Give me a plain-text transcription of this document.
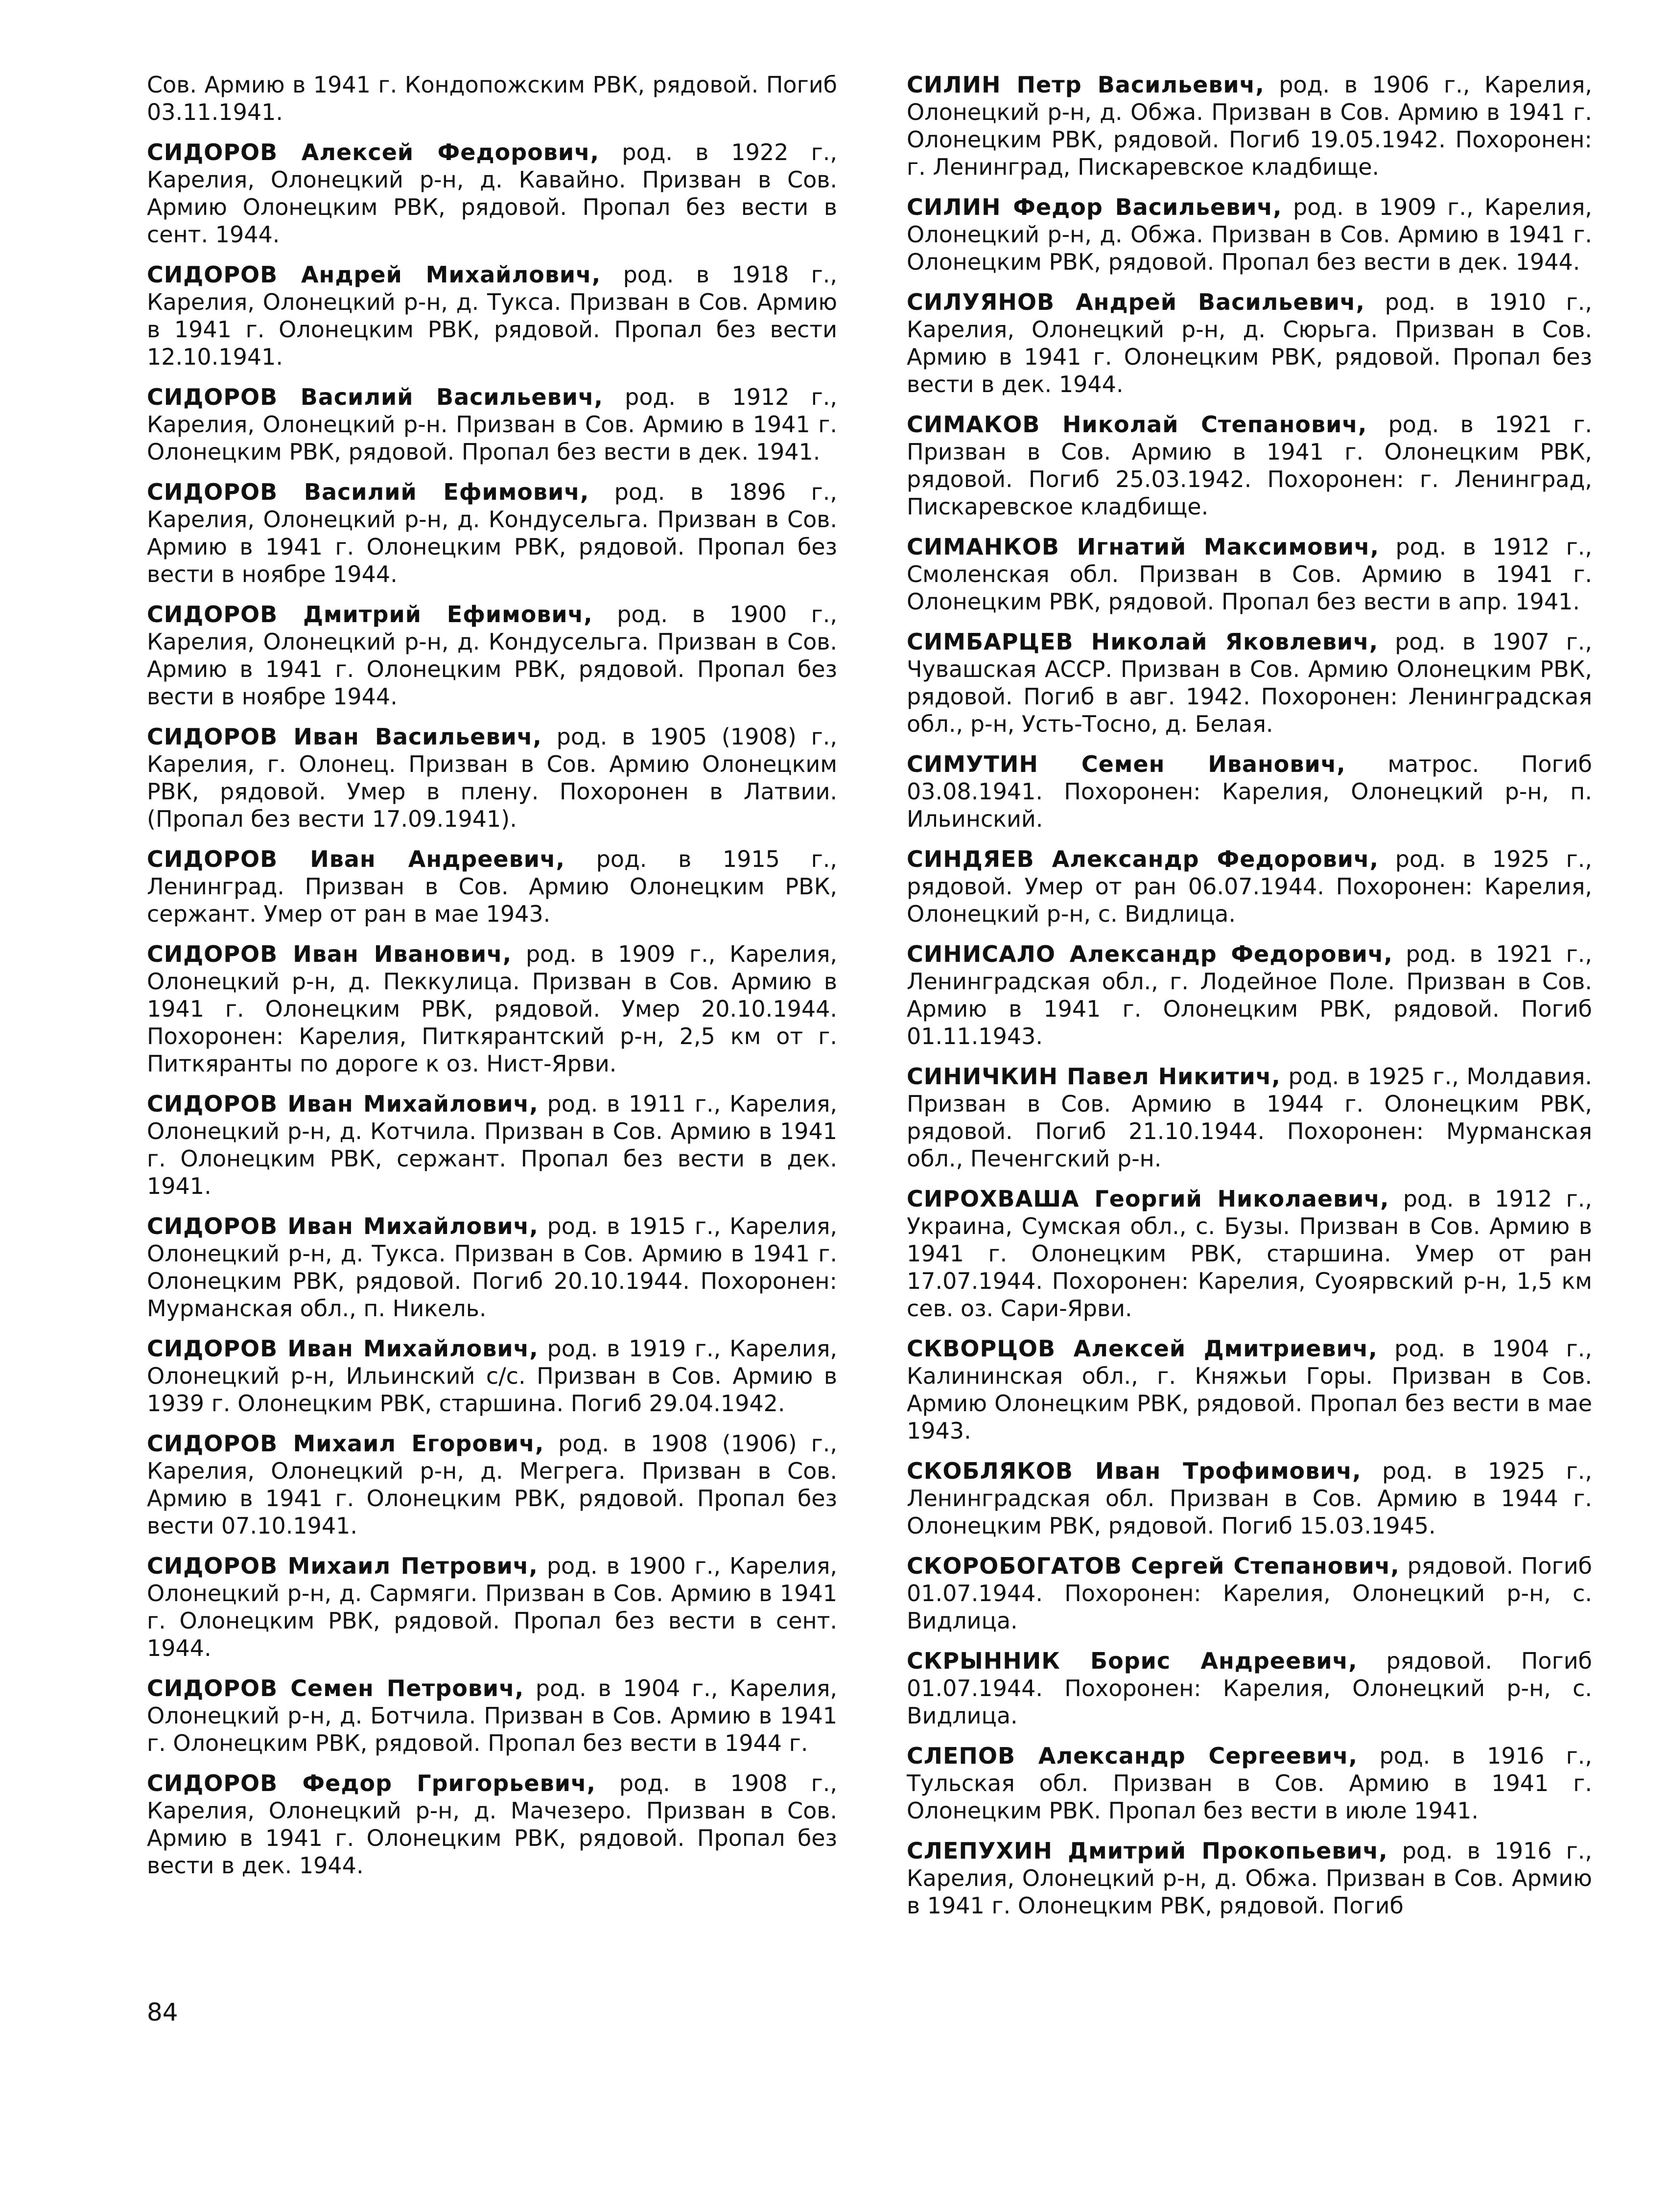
Сов. Армию в 1941 г. Кондопожским РВК, рядовой. Погиб 03.11.1941.

СИДОРОВ Алексей Федорович, род. в 1922 г., Карелия, Олонецкий р-н, д. Кавайно. Призван в Сов. Армию Олонецким РВК, рядовой. Пропал без вести в сент. 1944.

СИДОРОВ Андрей Михайлович, род. в 1918 г., Карелия, Олонецкий р-н, д. Тукса. Призван в Сов. Армию в 1941 г. Олонецким РВК, рядовой. Пропал без вести 12.10.1941.

СИДОРОВ Василий Васильевич, род. в 1912 г., Карелия, Олонецкий р-н. Призван в Сов. Армию в 1941 г. Олонецким РВК, рядовой. Пропал без вести в дек. 1941.

СИДОРОВ Василий Ефимович, род. в 1896 г., Карелия, Олонецкий р-н, д. Кондусельга. Призван в Сов. Армию в 1941 г. Олонецким РВК, рядовой. Пропал без вести в ноябре 1944.

СИДОРОВ Дмитрий Ефимович, род. в 1900 г., Карелия, Олонецкий р-н, д. Кондусельга. Призван в Сов. Армию в 1941 г. Олонецким РВК, рядовой. Пропал без вести в ноябре 1944.

СИДОРОВ Иван Васильевич, род. в 1905 (1908) г., Карелия, г. Олонец. Призван в Сов. Армию Олонецким РВК, рядовой. Умер в плену. Похоронен в Латвии. (Пропал без вести 17.09.1941).

СИДОРОВ Иван Андреевич, род. в 1915 г., Ленинград. Призван в Сов. Армию Олонецким РВК, сержант. Умер от ран в мае 1943.

СИДОРОВ Иван Иванович, род. в 1909 г., Карелия, Олонецкий р-н, д. Пеккулица. Призван в Сов. Армию в 1941 г. Олонецким РВК, рядовой. Умер 20.10.1944. Похоронен: Карелия, Питкярантский р-н, 2,5 км от г. Питкяранты по дороге к оз. Нист-Ярви.

СИДОРОВ Иван Михайлович, род. в 1911 г., Карелия, Олонецкий р-н, д. Котчила. Призван в Сов. Армию в 1941 г. Олонецким РВК, сержант. Пропал без вести в дек. 1941.

СИДОРОВ Иван Михайлович, род. в 1915 г., Карелия, Олонецкий р-н, д. Тукса. Призван в Сов. Армию в 1941 г. Олонецким РВК, рядовой. Погиб 20.10.1944. Похоронен: Мурманская обл., п. Никель.

СИДОРОВ Иван Михайлович, род. в 1919 г., Карелия, Олонецкий р-н, Ильинский с/с. Призван в Сов. Армию в 1939 г. Олонецким РВК, старшина. Погиб 29.04.1942.

СИДОРОВ Михаил Егорович, род. в 1908 (1906) г., Карелия, Олонецкий р-н, д. Мегрега. Призван в Сов. Армию в 1941 г. Олонецким РВК, рядовой. Пропал без вести 07.10.1941.

СИДОРОВ Михаил Петрович, род. в 1900 г., Карелия, Олонецкий р-н, д. Сармяги. Призван в Сов. Армию в 1941 г. Олонецким РВК, рядовой. Пропал без вести в сент. 1944.

СИДОРОВ Семен Петрович, род. в 1904 г., Карелия, Олонецкий р-н, д. Ботчила. Призван в Сов. Армию в 1941 г. Олонецким РВК, рядовой. Пропал без вести в 1944 г.

СИДОРОВ Федор Григорьевич, род. в 1908 г., Карелия, Олонецкий р-н, д. Мачезеро. Призван в Сов. Армию в 1941 г. Олонецким РВК, рядовой. Пропал без вести в дек. 1944.

СИЛИН Петр Васильевич, род. в 1906 г., Карелия, Олонецкий р-н, д. Обжа. Призван в Сов. Армию в 1941 г. Олонецким РВК, рядовой. Погиб 19.05.1942. Похоронен: г. Ленинград, Пискаревское кладбище.

СИЛИН Федор Васильевич, род. в 1909 г., Карелия, Олонецкий р-н, д. Обжа. Призван в Сов. Армию в 1941 г. Олонецким РВК, рядовой. Пропал без вести в дек. 1944.

СИЛУЯНОВ Андрей Васильевич, род. в 1910 г., Карелия, Олонецкий р-н, д. Сюрьга. Призван в Сов. Армию в 1941 г. Олонецким РВК, рядовой. Пропал без вести в дек. 1944.

СИМАКОВ Николай Степанович, род. в 1921 г. Призван в Сов. Армию в 1941 г. Олонецким РВК, рядовой. Погиб 25.03.1942. Похоронен: г. Ленинград, Пискаревское кладбище.

СИМАНКОВ Игнатий Максимович, род. в 1912 г., Смоленская обл. Призван в Сов. Армию в 1941 г. Олонецким РВК, рядовой. Пропал без вести в апр. 1941.

СИМБАРЦЕВ Николай Яковлевич, род. в 1907 г., Чувашская АССР. Призван в Сов. Армию Олонецким РВК, рядовой. Погиб в авг. 1942. Похоронен: Ленинградская обл., р-н, Усть-Тосно, д. Белая.

СИМУТИН Семен Иванович, матрос. Погиб 03.08.1941. Похоронен: Карелия, Олонецкий р-н, п. Ильинский.

СИНДЯЕВ Александр Федорович, род. в 1925 г., рядовой. Умер от ран 06.07.1944. Похоронен: Карелия, Олонецкий р-н, с. Видлица.

СИНИСАЛО Александр Федорович, род. в 1921 г., Ленинградская обл., г. Лодейное Поле. Призван в Сов. Армию в 1941 г. Олонецким РВК, рядовой. Погиб 01.11.1943.

СИНИЧКИН Павел Никитич, род. в 1925 г., Молдавия. Призван в Сов. Армию в 1944 г. Олонецким РВК, рядовой. Погиб 21.10.1944. Похоронен: Мурманская обл., Печенгский р-н.

СИРОХВАША Георгий Николаевич, род. в 1912 г., Украина, Сумская обл., с. Бузы. Призван в Сов. Армию в 1941 г. Олонецким РВК, старшина. Умер от ран 17.07.1944. Похоронен: Карелия, Суоярвский р-н, 1,5 км сев. оз. Сари-Ярви.

СКВОРЦОВ Алексей Дмитриевич, род. в 1904 г., Калининская обл., г. Княжьи Горы. Призван в Сов. Армию Олонецким РВК, рядовой. Пропал без вести в мае 1943.

СКОБЛЯКОВ Иван Трофимович, род. в 1925 г., Ленинградская обл. Призван в Сов. Армию в 1944 г. Олонецким РВК, рядовой. Погиб 15.03.1945.

СКОРОБОГАТОВ Сергей Степанович, рядовой. Погиб 01.07.1944. Похоронен: Карелия, Олонецкий р-н, с. Видлица.

СКРЫННИК Борис Андреевич, рядовой. Погиб 01.07.1944. Похоронен: Карелия, Олонецкий р-н, с. Видлица.

СЛЕПОВ Александр Сергеевич, род. в 1916 г., Тульская обл. Призван в Сов. Армию в 1941 г. Олонецким РВК. Пропал без вести в июле 1941.

СЛЕПУХИН Дмитрий Прокопьевич, род. в 1916 г., Карелия, Олонецкий р-н, д. Обжа. Призван в Сов. Армию в 1941 г. Олонецким РВК, рядовой. Погиб

84
